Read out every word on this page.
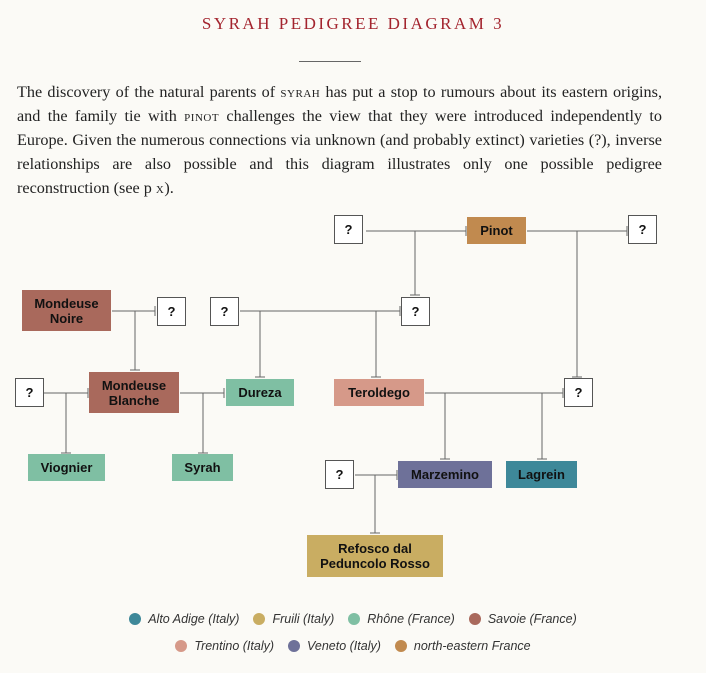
SYRAH PEDIGREE DIAGRAM 3
The discovery of the natural parents of syrah has put a stop to rumours about its eastern origins, and the family tie with pinot challenges the view that they were introduced independently to Europe. Given the numerous connections via unknown (and probably extinct) varieties (?), inverse relationships are also possible and this diagram illustrates only one possible pedigree reconstruction (see p x).
?	?
?	?	?
?	?
?
Pinot
Mondeuse Noire
Mondeuse Blanche	Dureza	Teroldego
Viognier	Syrah	Marzemino	Lagrein
Refosco dal Peduncolo Rosso
Alto Adige (Italy)	Fruili (Italy)	Rhône (France)	Savoie (France)
Trentino (Italy)	Veneto (Italy)	north-eastern France
